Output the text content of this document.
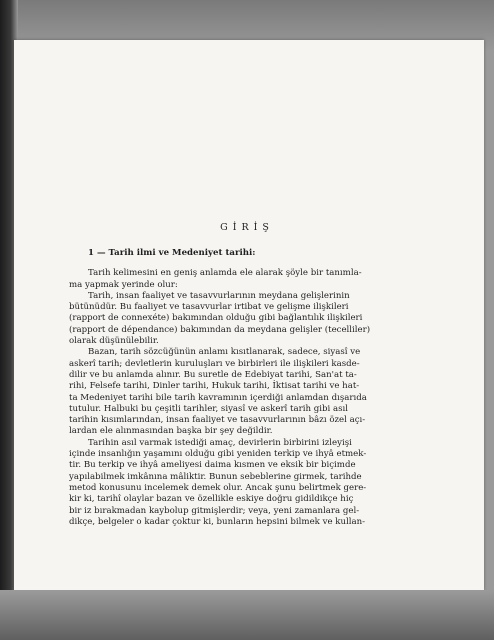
GİRİŞ
1 — Tarih ilmi ve Medeniyet tarihi:

Tarih kelimesini en geniş anlamda ele alarak şöyle bir tanımla-
ma yapmak yerinde olur:

Tarih, insan faaliyet ve tasavvurlarının meydana gelişlerinin
bütünüdür. Bu faaliyet ve tasavvurlar irtibat ve gelişme ilişkileri
(rapport de connexéte) bakımından olduğu gibi bağlantılık ilişkileri
(rapport de dépendance) bakımından da meydana gelişler (tecelliler)
olarak düşünülebilir.

Bazan, tarih sözcüğünün anlamı kısıtlanarak, sadece, siyasî ve
askerî tarih; devletlerin kuruluşları ve birbirleri ile ilişkileri kasde-
dilir ve bu anlamda alınır. Bu suretle de Edebiyat tarihi, San'at ta-
rihi, Felsefe tarihi, Dinler tarihi, Hukuk tarihi, İktisat tarihi ve hat-
ta Medeniyet tarihi bile tarih kavramının içerdiği anlamdan dışarıda
tutulur. Halbuki bu çeşitli tarihler, siyasî ve askerî tarih gibi asıl
tarihin kısımlarından, insan faaliyet ve tasavvurlarının bâzı özel açı-
lardan ele alınmasından başka bir şey değildir.

Tarihin asıl varmak istediği amaç, devirlerin birbirini izleyişi
içinde insanlığın yaşamını olduğu gibi yeniden terkip ve ihyâ etmek-
tir. Bu terkip ve ihyâ ameliyesi daima kısmen ve eksik bir biçimde
yapılabilmek imkânına mâliktir. Bunun sebeblerine girmek, tarihde
metod konusunu incelemek demek olur. Ancak şunu belirtmek gere-
kir ki, tarihî olaylar bazan ve özellikle eskiye doğru gidildikçe hiç
bir iz bırakmadan kaybolup gitmişlerdir; veya, yeni zamanlara gel-
dikçe, belgeler o kadar çoktur ki, bunların hepsini bilmek ve kullan-
